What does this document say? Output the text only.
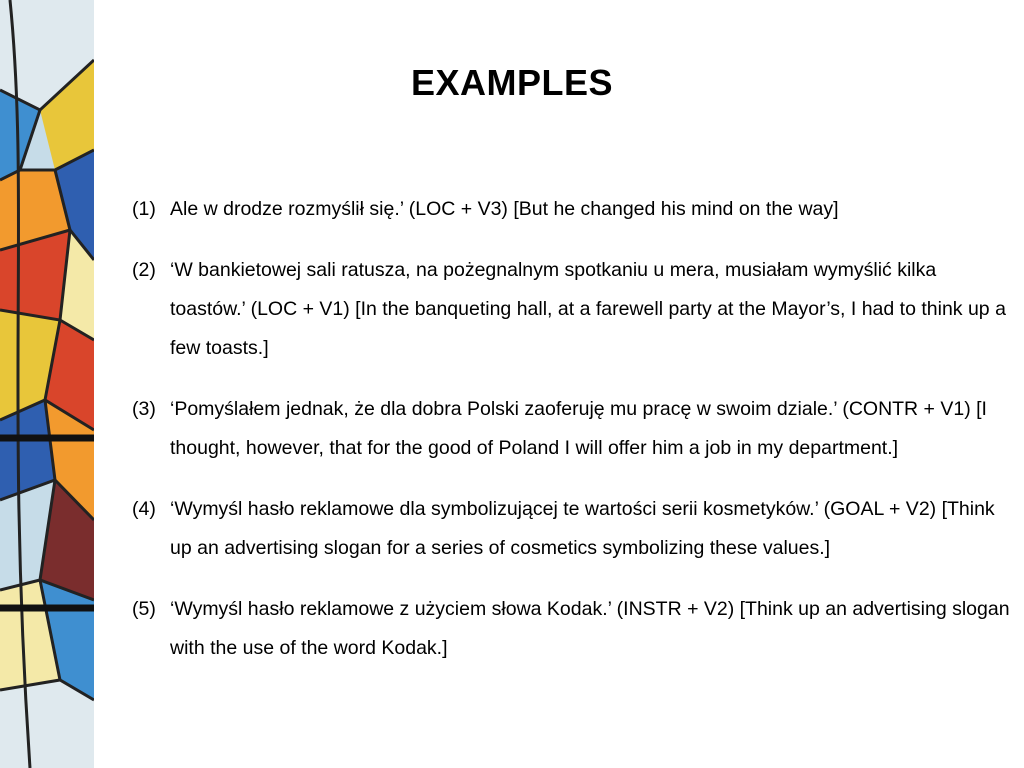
EXAMPLES
(1) Ale w drodze rozmyślił się.’ (LOC + V3) [But he changed his mind on the way]
(2) ‘W bankietowej sali ratusza, na pożegnalnym spotkaniu u mera, musiałam wymyślić kilka toastów.’ (LOC + V1) [In the banqueting hall, at a farewell party at the Mayor’s, I had to think up a few toasts.]
(3) ‘Pomyślałem jednak, że dla dobra Polski zaoferuję mu pracę w swoim dziale.’ (CONTR + V1) [I thought, however, that for the good of Poland I will offer him a job in my department.]
(4) ‘Wymyśl hasło reklamowe dla symbolizującej te wartości serii kosmetyków.’ (GOAL + V2) [Think up an advertising slogan for a series of cosmetics symbolizing these values.]
(5) ‘Wymyśl hasło reklamowe z użyciem słowa Kodak.’ (INSTR + V2) [Think up an advertising slogan with the use of the word Kodak.]
